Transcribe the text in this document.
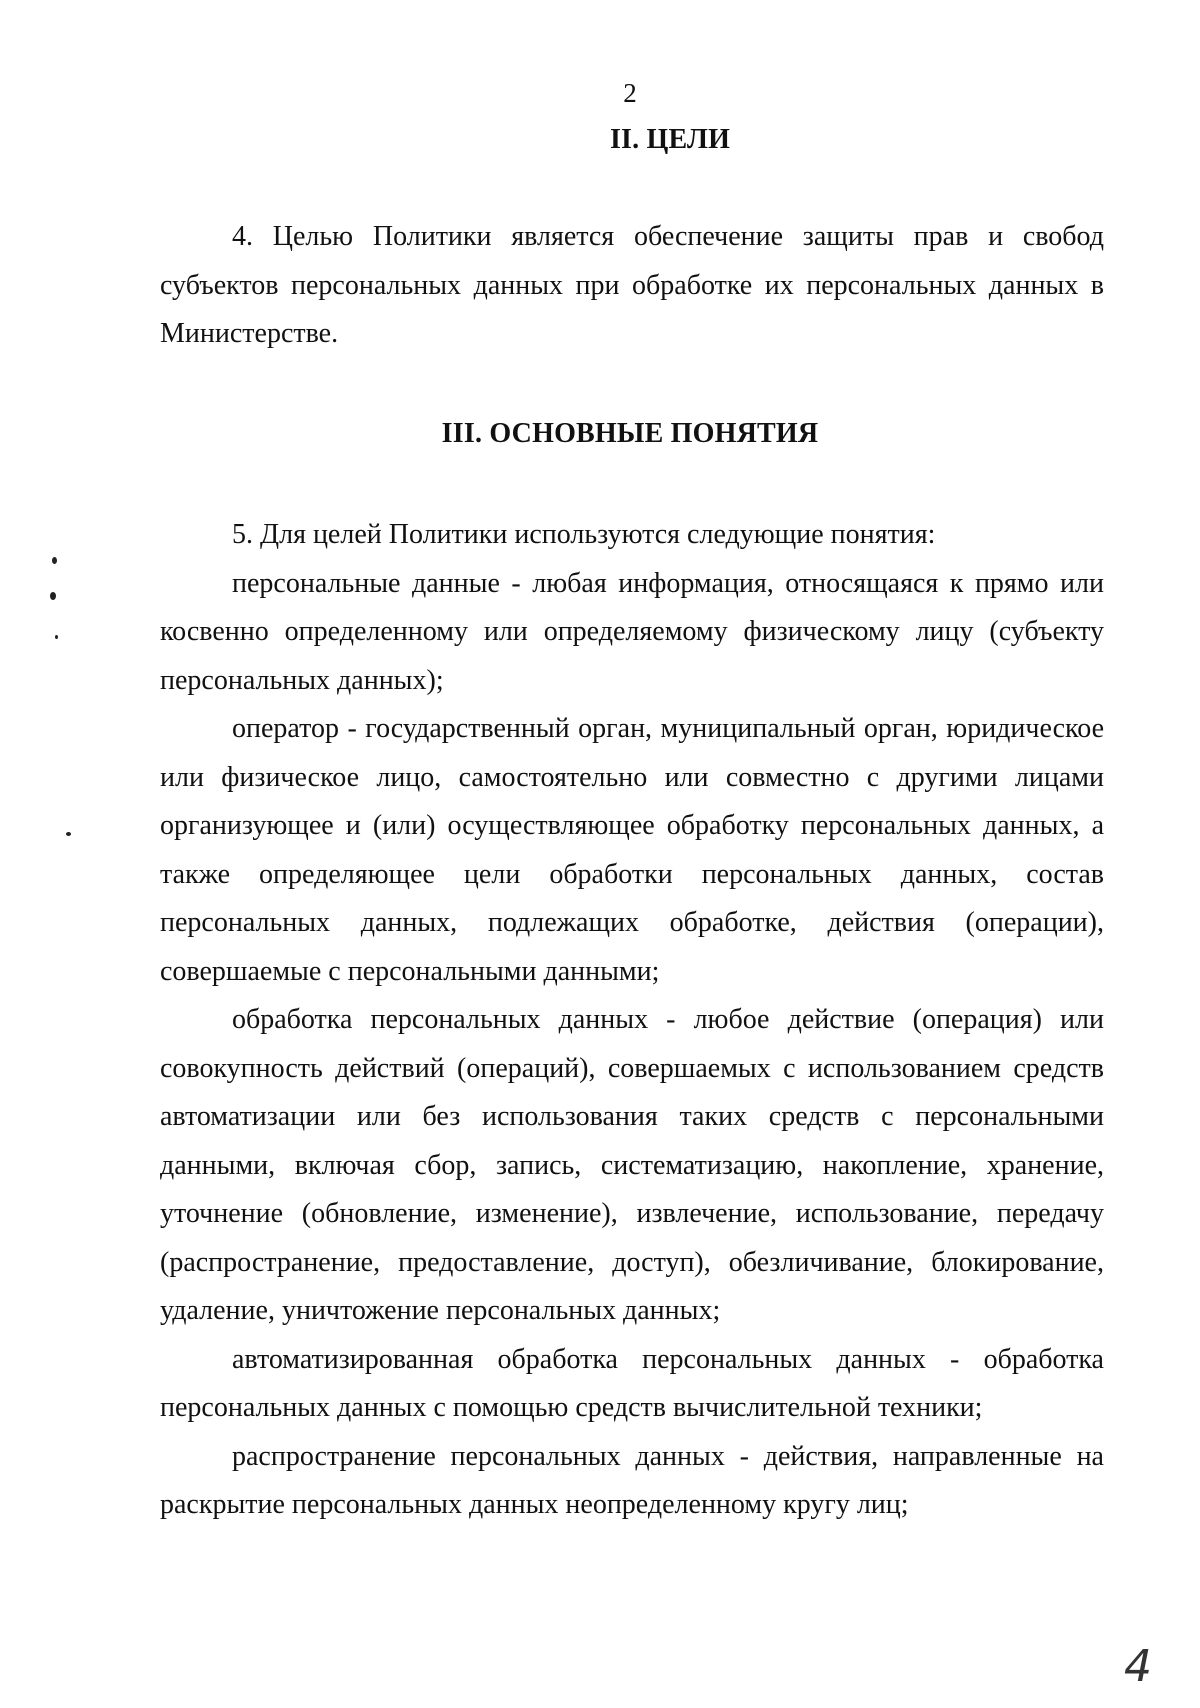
2
II. ЦЕЛИ

4. Целью Политики является обеспечение защиты прав и свобод субъектов персональных данных при обработке их персональных данных в Министерстве.

III. ОСНОВНЫЕ ПОНЯТИЯ

5. Для целей Политики используются следующие понятия:

персональные данные - любая информация, относящаяся к прямо или косвенно определенному или определяемому физическому лицу (субъекту персональных данных);

оператор - государственный орган, муниципальный орган, юридическое или физическое лицо, самостоятельно или совместно с другими лицами организующее и (или) осуществляющее обработку персональных данных, а также определяющее цели обработки персональных данных, состав персональных данных, подлежащих обработке, действия (операции), совершаемые с персональными данными;

обработка персональных данных - любое действие (операция) или совокупность действий (операций), совершаемых с использованием средств автоматизации или без использования таких средств с персональными данными, включая сбор, запись, систематизацию, накопление, хранение, уточнение (обновление, изменение), извлечение, использование, передачу (распространение, предоставление, доступ), обезличивание, блокирование, удаление, уничтожение персональных данных;

автоматизированная обработка персональных данных - обработка персональных данных с помощью средств вычислительной техники;

распространение персональных данных - действия, направленные на раскрытие персональных данных неопределенному кругу лиц;

4
